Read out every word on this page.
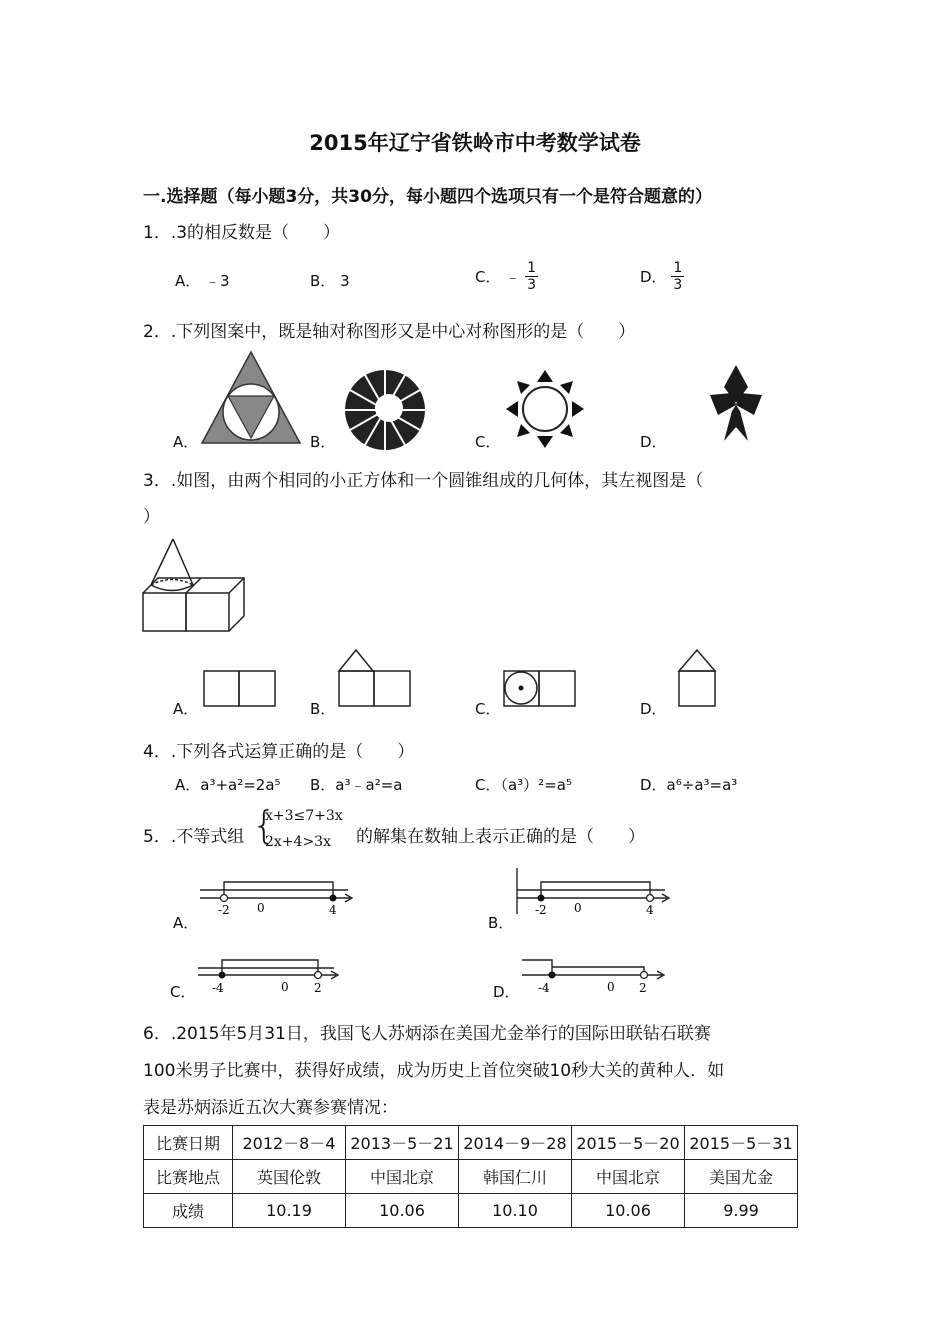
2015年辽宁省铁岭市中考数学试卷
一.选择题（每小题3分，共30分，每小题四个选项只有一个是符合题意的）
1．.3的相反数是（　　）
A． ﹣3	B． 3	C． ﹣ $\frac{1}{3}$	D． $\frac{1}{3}$
2．.下列图案中，既是轴对称图形又是中心对称图形的是（　　）
A．	B．	C．	D．
3．.如图，由两个相同的小正方体和一个圆锥组成的几何体，其左视图是（
）
A．	B．	C．	D．
4．.下列各式运算正确的是（　　）
A．a³+a²=2a⁵ B．a³﹣a²=a	C．（a³）²=a⁵	D．a⁶÷a³=a³
5．.不等式组 {
x+3≤7+3x
2x+4>3x 的解集在数轴上表示正确的是（　　）
A．	B．
C．	D．
-2 0	4	-2 0	4
-4	0 2	-4	0 2
6．.2015年5月31日，我国飞人苏炳添在美国尤金举行的国际田联钻石联赛
100米男子比赛中，获得好成绩，成为历史上首位突破10秒大关的黄种人．如
表是苏炳添近五次大赛参赛情况：
比赛日期	2012－8－4	2013－5－21	2014－9－28	2015－5－20	2015－5－31
比赛地点	英国伦敦	中国北京	韩国仁川	中国北京	美国尤金
成绩	10.19	10.06	10.10	10.06	9.99
